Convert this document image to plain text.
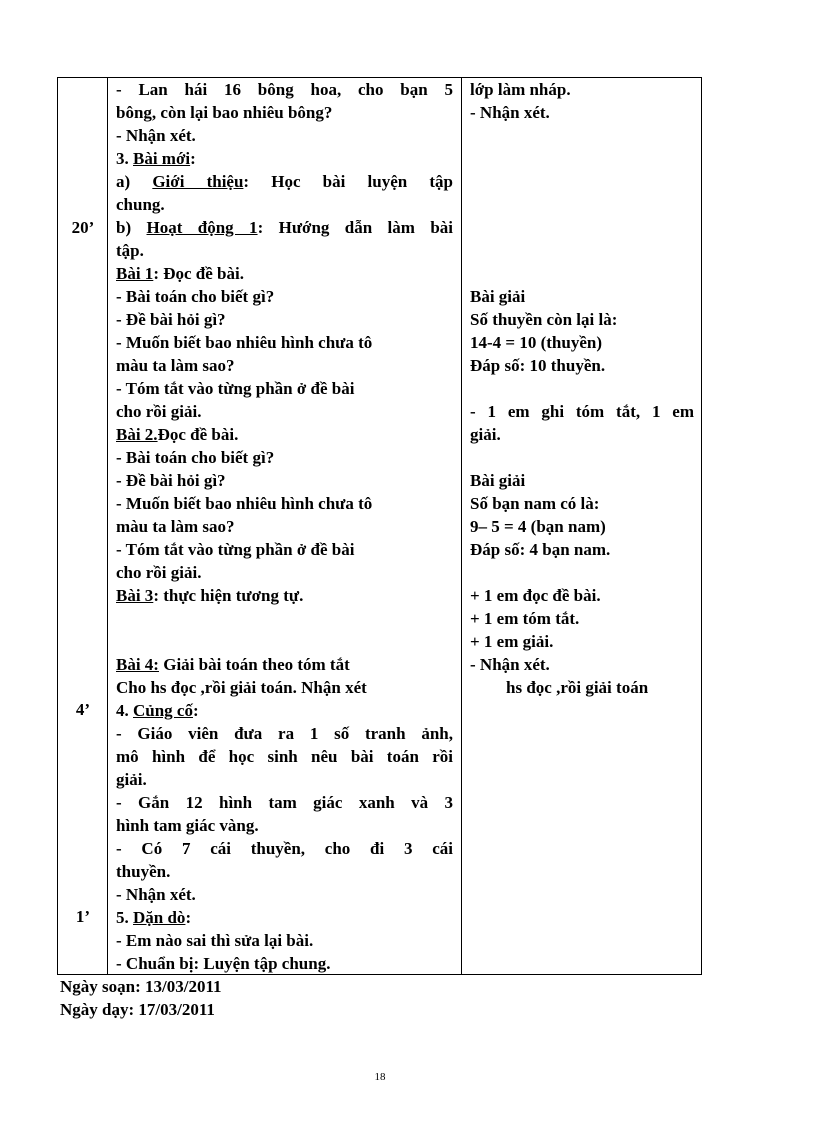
20’
4’
1’
- Lan hái 16 bông hoa, cho bạn 5
bông, còn lại bao nhiêu bông?
- Nhận xét.
3. Bài mới:
a) Giới thiệu: Học bài luyện tập
chung.
b) Hoạt động 1: Hướng dẫn làm bài
tập.
Bài 1: Đọc đề bài.
- Bài toán cho biết gì?
- Đề bài hỏi gì?
- Muốn biết bao nhiêu hình chưa tô
màu ta làm sao?
- Tóm tắt vào từng phần ở đề bài
cho rồi giải.
Bài 2.Đọc đề bài.
- Bài toán cho biết gì?
- Đề bài hỏi gì?
- Muốn biết bao nhiêu hình chưa tô
màu ta làm sao?
- Tóm tắt vào từng phần ở đề bài
cho rồi giải.
Bài 3: thực hiện tương tự.
Bài 4: Giải bài toán theo tóm tắt
Cho hs đọc ,rồi giải toán. Nhận xét
4. Củng cố:
- Giáo viên đưa ra 1 số tranh ảnh,
mô hình để học sinh nêu bài toán rồi
giải.
- Gắn 12 hình tam giác xanh và 3
hình tam giác vàng.
- Có 7 cái thuyền, cho đi 3 cái
thuyền.
- Nhận xét.
5. Dặn dò:
- Em nào sai thì sửa lại bài.
- Chuẩn bị: Luyện tập chung.
lớp làm nháp.
- Nhận xét.
Bài giải
Số thuyền còn lại là:
14-4 = 10 (thuyền)
Đáp số: 10 thuyền.
- 1 em ghi tóm tắt, 1 em
giải.
Bài giải
Số bạn nam có là:
9– 5 = 4 (bạn nam)
Đáp số: 4 bạn nam.
+ 1 em đọc đề bài.
+ 1 em tóm tắt.
+ 1 em giải.
- Nhận xét.
hs đọc ,rồi giải toán
Ngày soạn: 13/03/2011
Ngày dạy: 17/03/2011
18
